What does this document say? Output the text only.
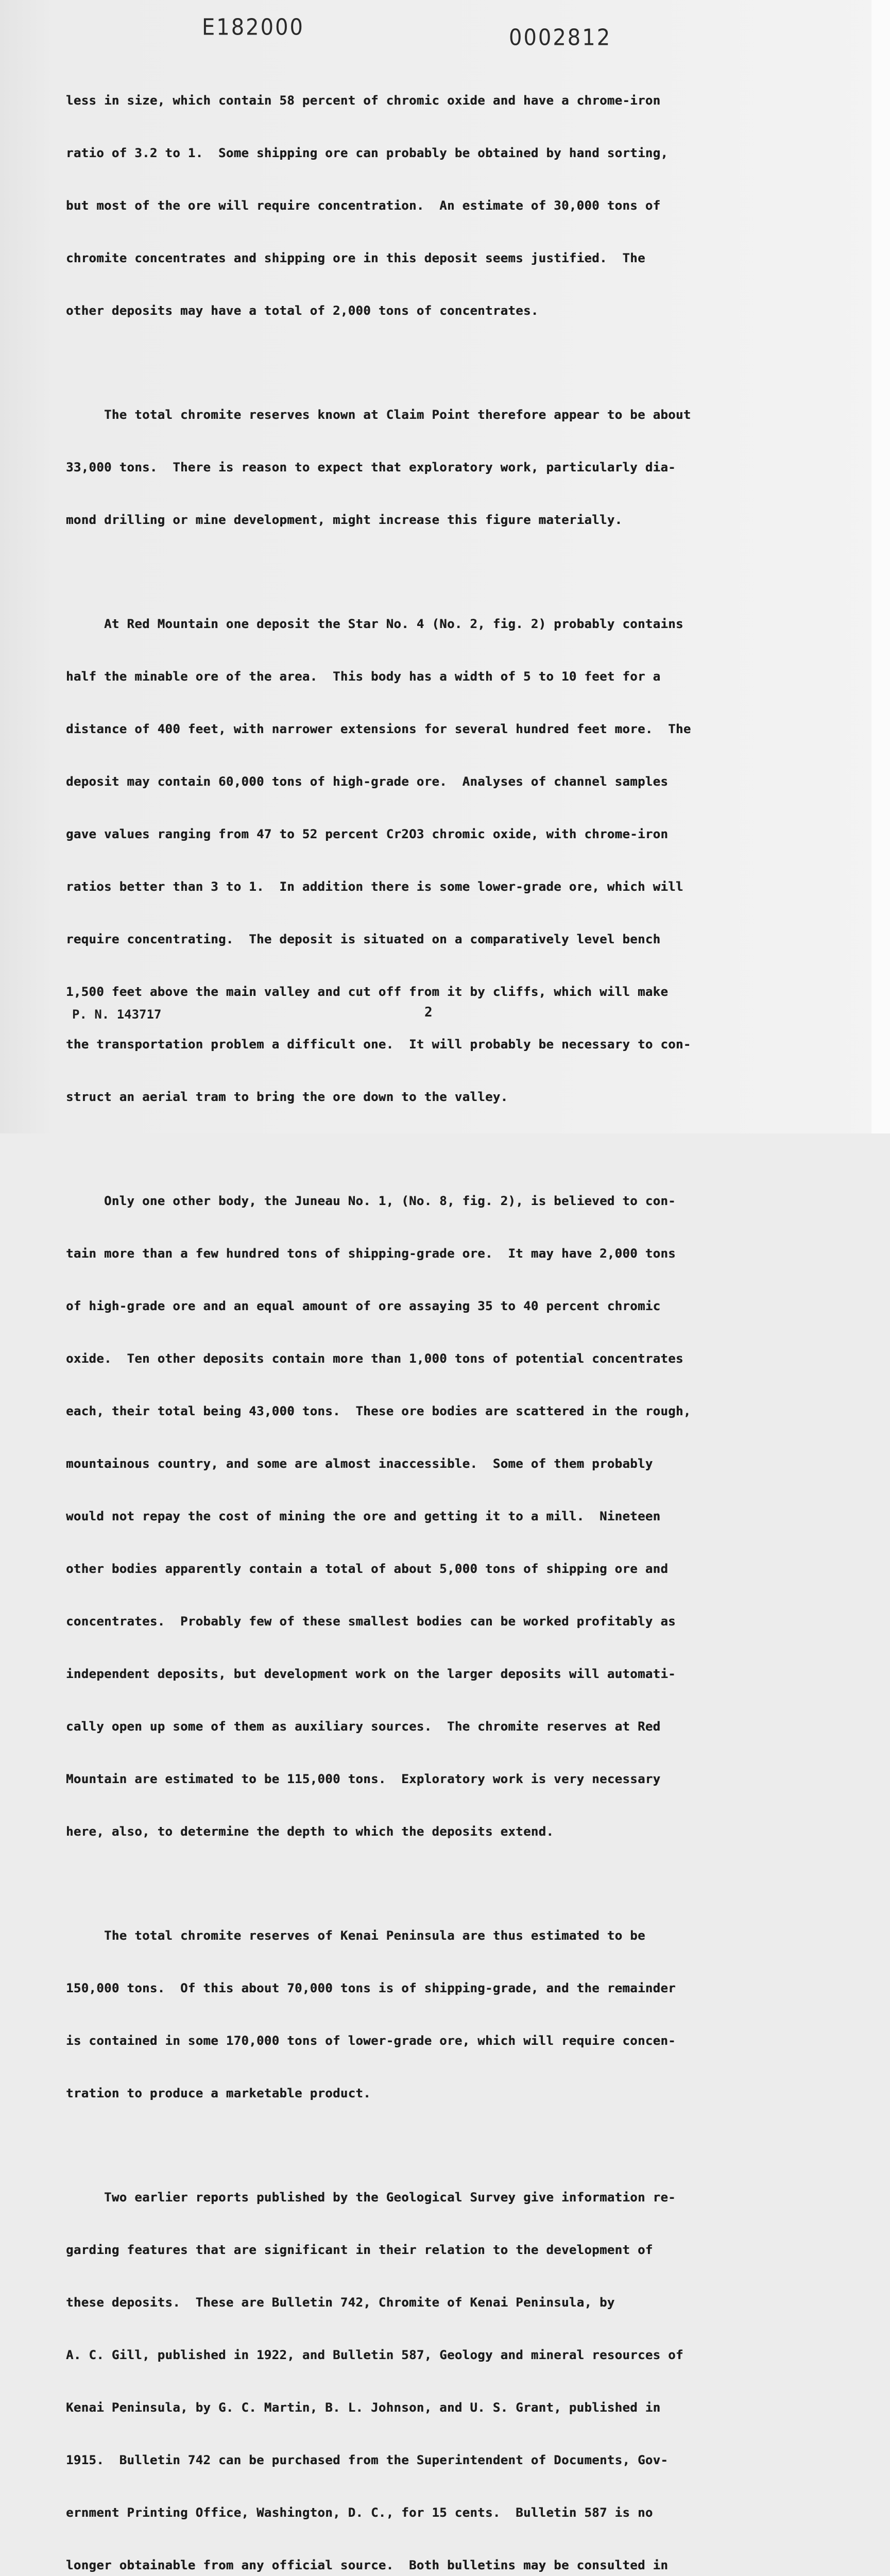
E182000	0002812

less in size, which contain 58 percent of chromic oxide and have a chrome-iron

ratio of 3.2 to 1.  Some shipping ore can probably be obtained by hand sorting,

but most of the ore will require concentration.  An estimate of 30,000 tons of

chromite concentrates and shipping ore in this deposit seems justified.  The

other deposits may have a total of 2,000 tons of concentrates.

The total chromite reserves known at Claim Point therefore appear to be about

33,000 tons.  There is reason to expect that exploratory work, particularly dia-

mond drilling or mine development, might increase this figure materially.

At Red Mountain one deposit the Star No. 4 (No. 2, fig. 2) probably contains

half the minable ore of the area.  This body has a width of 5 to 10 feet for a

distance of 400 feet, with narrower extensions for several hundred feet more.  The

deposit may contain 60,000 tons of high-grade ore.  Analyses of channel samples

gave values ranging from 47 to 52 percent Cr2O3 chromic oxide, with chrome-iron

ratios better than 3 to 1.  In addition there is some lower-grade ore, which will

require concentrating.  The deposit is situated on a comparatively level bench

1,500 feet above the main valley and cut off from it by cliffs, which will make

the transportation problem a difficult one.  It will probably be necessary to con-

struct an aerial tram to bring the ore down to the valley.

Only one other body, the Juneau No. 1, (No. 8, fig. 2), is believed to con-

tain more than a few hundred tons of shipping-grade ore.  It may have 2,000 tons

of high-grade ore and an equal amount of ore assaying 35 to 40 percent chromic

oxide.  Ten other deposits contain more than 1,000 tons of potential concentrates

each, their total being 43,000 tons.  These ore bodies are scattered in the rough,

mountainous country, and some are almost inaccessible.  Some of them probably

would not repay the cost of mining the ore and getting it to a mill.  Nineteen

other bodies apparently contain a total of about 5,000 tons of shipping ore and

concentrates.  Probably few of these smallest bodies can be worked profitably as

independent deposits, but development work on the larger deposits will automati-

cally open up some of them as auxiliary sources.  The chromite reserves at Red

Mountain are estimated to be 115,000 tons.  Exploratory work is very necessary

here, also, to determine the depth to which the deposits extend.

The total chromite reserves of Kenai Peninsula are thus estimated to be

150,000 tons.  Of this about 70,000 tons is of shipping-grade, and the remainder

is contained in some 170,000 tons of lower-grade ore, which will require concen-

tration to produce a marketable product.

Two earlier reports published by the Geological Survey give information re-

garding features that are significant in their relation to the development of

these deposits.  These are Bulletin 742, Chromite of Kenai Peninsula, by

A. C. Gill, published in 1922, and Bulletin 587, Geology and mineral resources of

Kenai Peninsula, by G. C. Martin, B. L. Johnson, and U. S. Grant, published in

1915.  Bulletin 742 can be purchased from the Superintendent of Documents, Gov-

ernment Printing Office, Washington, D. C., for 15 cents.  Bulletin 587 is no

longer obtainable from any official source.  Both bulletins may be consulted in

P. N. 143717	2
